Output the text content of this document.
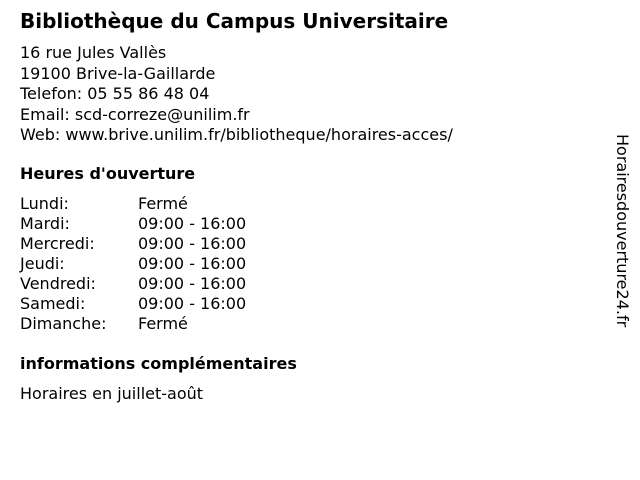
Bibliothèque du Campus Universitaire
16 rue Jules Vallès
19100 Brive-la-Gaillarde
Telefon: 05 55 86 48 04
Email: scd-correze@unilim.fr
Web: www.brive.unilim.fr/bibliotheque/horaires-acces/
Heures d'ouverture
Lundi:	Fermé
Mardi:	09:00 - 16:00
Mercredi:	09:00 - 16:00
Jeudi:	09:00 - 16:00
Vendredi:	09:00 - 16:00
Samedi:	09:00 - 16:00
Dimanche: Fermé
informations complémentaires
Horaires en juillet-août
Horairesdouverture24.fr
